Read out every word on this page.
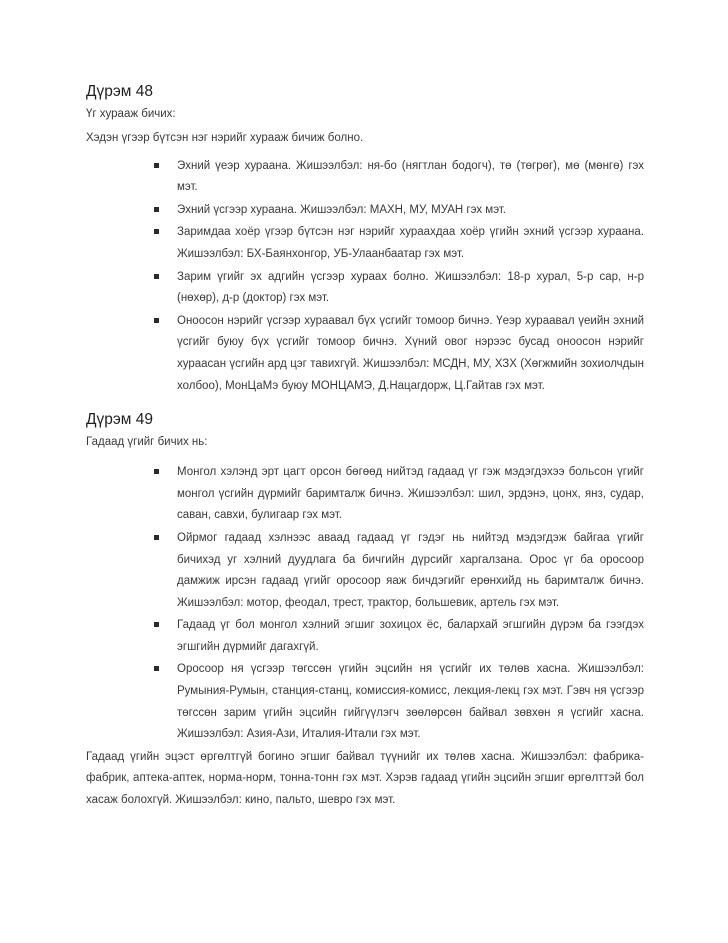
Дүрэм 48
Үг хурааж бичих:

Хэдэн үгээр бүтсэн нэг нэрийг хурааж бичиж болно.

Эхний үеэр хураана. Жишээлбэл: ня-бо (нягтлан бодогч), тө (төгрөг), мө (мөнгө) гэх мэт.
Эхний үсгээр хураана. Жишээлбэл: МАХН, МУ, МУАН гэх мэт.
Заримдаа хоёр үгээр бүтсэн нэг нэрийг хураахдаа хоёр үгийн эхний үсгээр хураана. Жишээлбэл: БХ-Баянхонгор, УБ-Улаанбаатар гэх мэт.
Зарим үгийг эх адгийн үсгээр хураах болно. Жишээлбэл: 18-р хурал, 5-р сар, н-р (нөхөр), д-р (доктор) гэх мэт.
Оноосон нэрийг үсгээр хураавал бүх үсгийг томоор бичнэ. Үеэр хураавал үеийн эхний үсгийг буюу бүх үсгийг томоор бичнэ. Хүний овог нэрээс бусад оноосон нэрийг хураасан үсгийн ард цэг тавихгүй. Жишээлбэл: МСДН, МУ, ХЗХ (Хөгжмийн зохиолчдын холбоо), МонЦаМэ буюу МОНЦАМЭ, Д.Нацагдорж, Ц.Гайтав гэх мэт.
Дүрэм 49
Гадаад үгийг бичих нь:
Монгол хэлэнд эрт цагт орсон бөгөөд нийтэд гадаад үг гэж мэдэгдэхээ больсон үгийг монгол үсгийн дүрмийг баримталж бичнэ. Жишээлбэл: шил, эрдэнэ, цонх, янз, судар, саван, савхи, булигаар гэх мэт.
Ойрмог гадаад хэлнээс аваад гадаад үг гэдэг нь нийтэд мэдэгдэж байгаа үгийг бичихэд уг хэлний дуудлага ба бичгийн дүрсийг харгалзана. Орос үг ба оросоор дамжиж ирсэн гадаад үгийг оросоор яаж бичдэгийг ерөнхийд нь баримталж бичнэ. Жишээлбэл: мотор, феодал, трест, трактор, большевик, артель гэх мэт.
Гадаад үг бол монгол хэлний эгшиг зохицох ёс, балархай эгшгийн дүрэм ба гээгдэх эгшгийн дүрмийг дагахгүй.
Оросоор ня үсгээр төгссөн үгийн эцсийн ня үсгийг их төлөв хасна. Жишээлбэл: Румыния-Румын, станция-станц, комиссия-комисс, лекция-лекц гэх мэт. Гэвч ня үсгээр төгссөн зарим үгийн эцсийн гийгүүлэгч зөөлөрсөн байвал зөвхөн я үсгийг хасна. Жишээлбэл: Азия-Ази, Италия-Итали гэх мэт.

Гадаад үгийн эцэст өргөлтгүй богино эгшиг байвал түүнийг их төлөв хасна. Жишээлбэл: фабрика-фабрик, аптека-аптек, норма-норм, тонна-тонн гэх мэт. Хэрэв гадаад үгийн эцсийн эгшиг өргөлттэй бол хасаж болохгүй. Жишээлбэл: кино, пальто, шевро гэх мэт.
